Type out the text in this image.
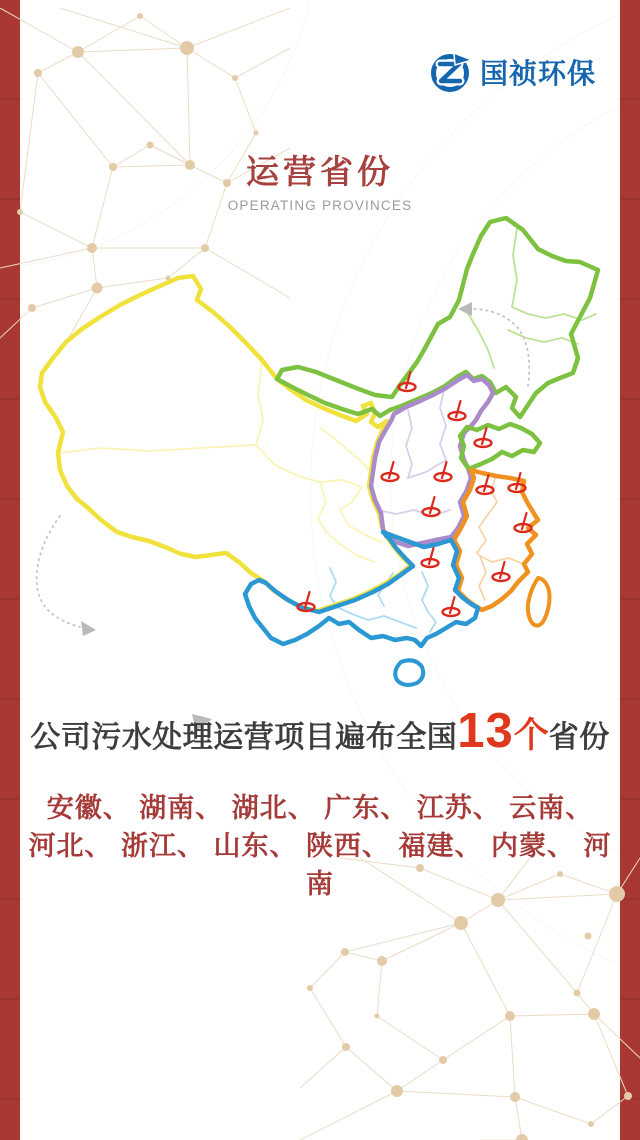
国祯环保
运营省份
OPERATING PROVINCES
公司污水处理运营项目遍布全国 13 个 省份
安徽、 湖南、 湖北、 广东、 江苏、 云南、
河北、 浙江、 山东、 陕西、 福建、 内蒙、 河南
